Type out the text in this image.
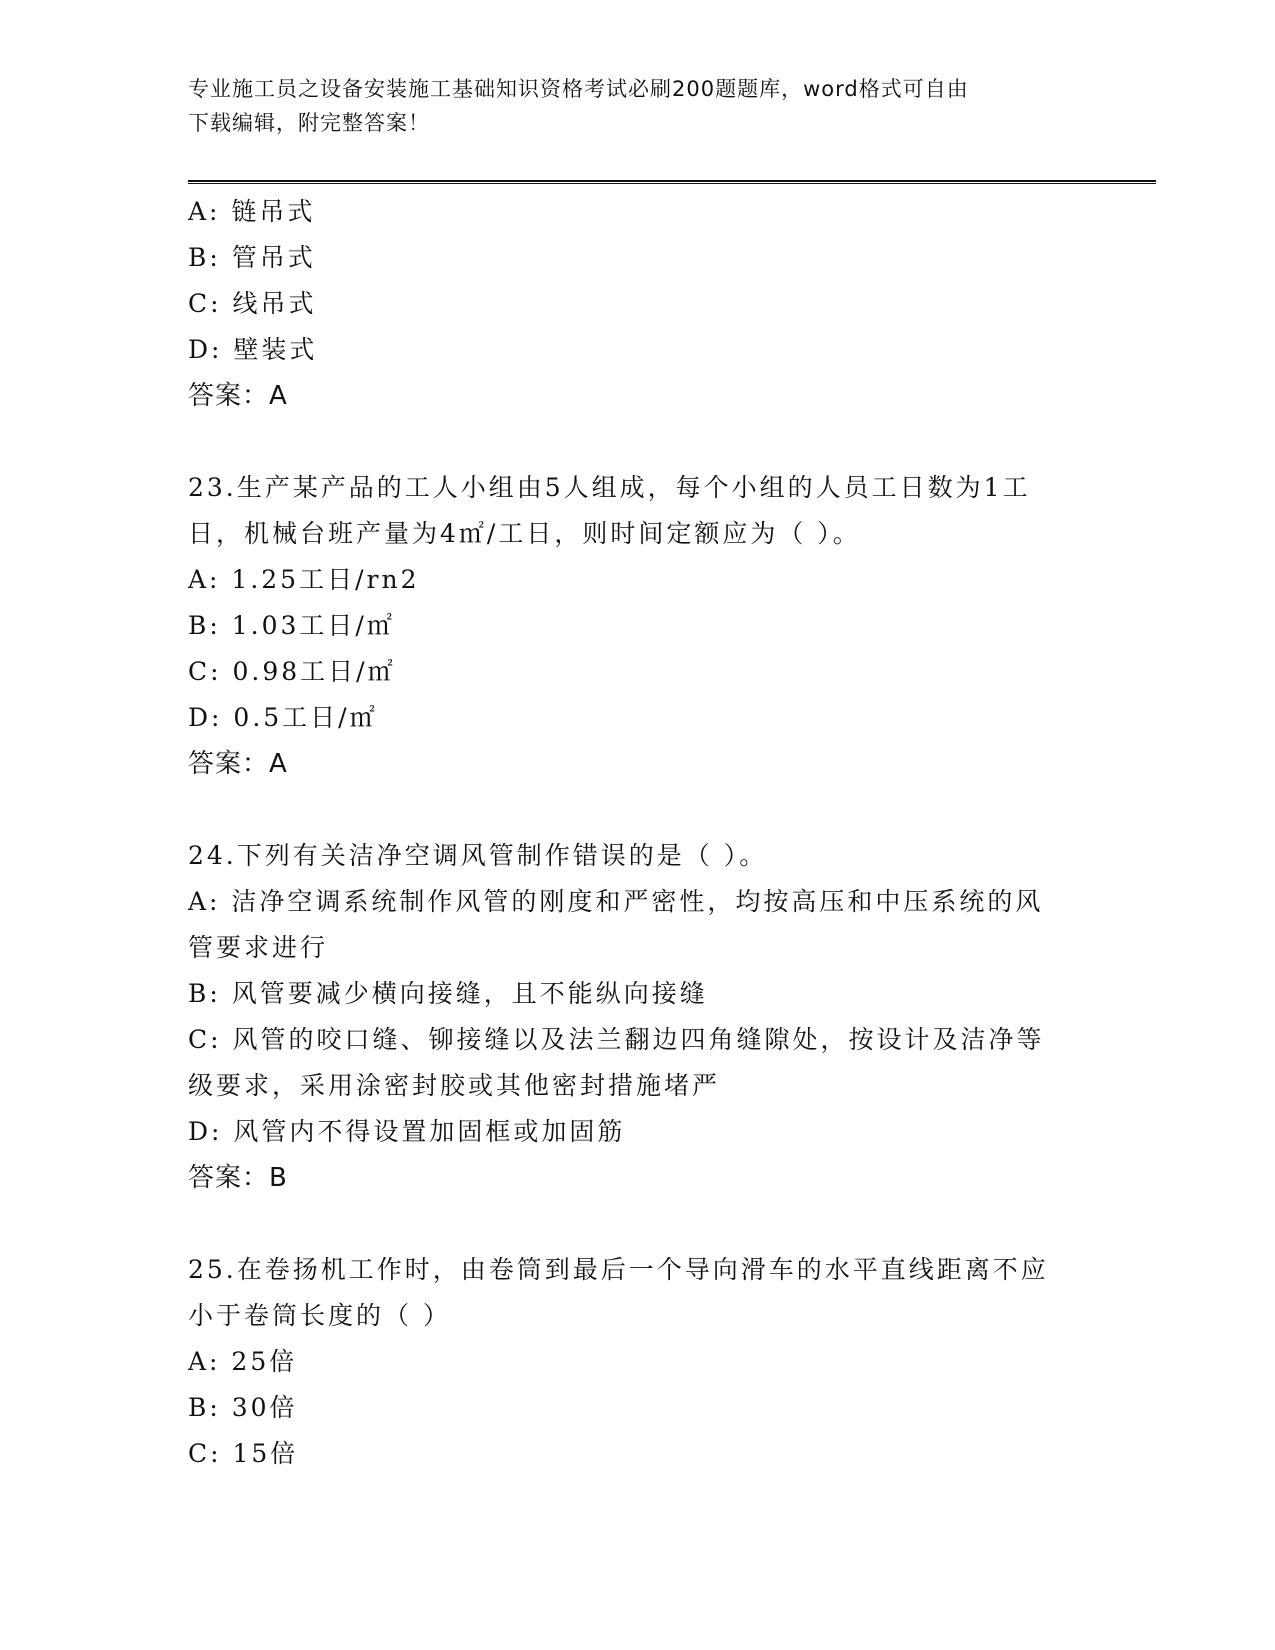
专业施工员之设备安装施工基础知识资格考试必刷200题题库，word格式可自由
下载编辑，附完整答案！
A: 链吊式
B: 管吊式
C: 线吊式
D: 壁装式
答案：A
23.生产某产品的工人小组由5人组成，每个小组的人员工日数为1工
日，机械台班产量为4㎡/工日，则时间定额应为（ ）。
A: 1.25工日/rn2
B: 1.03工日/㎡
C: 0.98工日/㎡
D: 0.5工日/㎡
答案：A
24.下列有关洁净空调风管制作错误的是（ ）。
A: 洁净空调系统制作风管的刚度和严密性，均按高压和中压系统的风
管要求进行
B: 风管要减少横向接缝，且不能纵向接缝
C: 风管的咬口缝、铆接缝以及法兰翻边四角缝隙处，按设计及洁净等
级要求，采用涂密封胶或其他密封措施堵严
D: 风管内不得设置加固框或加固筋
答案：B
25.在卷扬机工作时，由卷筒到最后一个导向滑车的水平直线距离不应
小于卷筒长度的（ ）
A: 25倍
B: 30倍
C: 15倍
